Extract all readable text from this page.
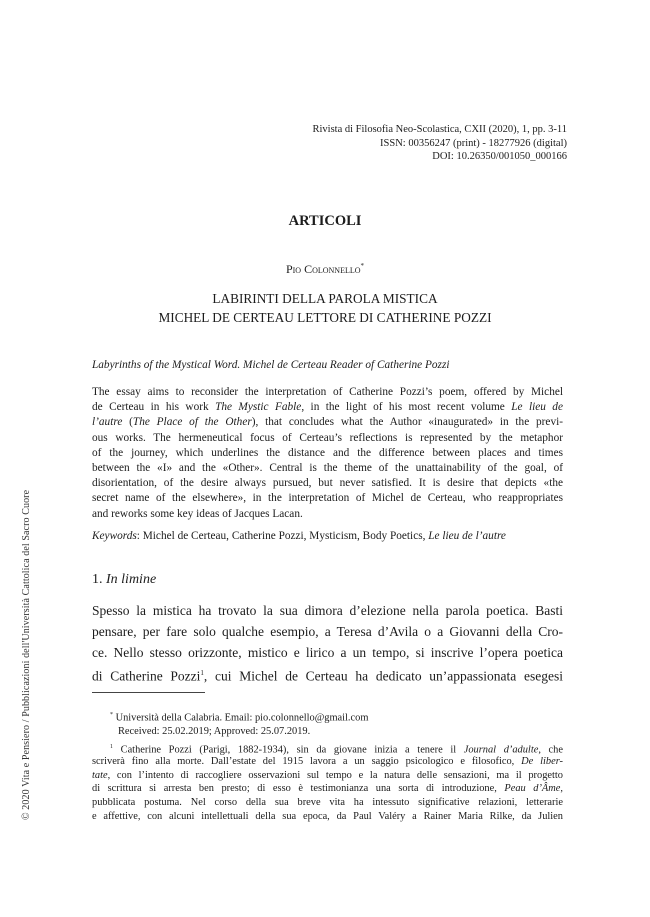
© 2020 Vita e Pensiero / Pubblicazioni dell'Università Cattolica del Sacro Cuore
Rivista di Filosofia Neo-Scolastica, CXII (2020), 1, pp. 3-11
ISSN: 00356247 (print) - 18277926 (digital)
DOI: 10.26350/001050_000166
ARTICOLI
Pio Colonnello*
LABIRINTI DELLA PAROLA MISTICA
MICHEL DE CERTEAU LETTORE DI CATHERINE POZZI
Labyrinths of the Mystical Word. Michel de Certeau Reader of Catherine Pozzi
The essay aims to reconsider the interpretation of Catherine Pozzi’s poem, offered by Michel
de Certeau in his work The Mystic Fable, in the light of his most recent volume Le lieu de
l’autre (The Place of the Other), that concludes what the Author «inaugurated» in the previ-
ous works. The hermeneutical focus of Certeau’s reflections is represented by the metaphor
of the journey, which underlines the distance and the difference between places and times
between the «I» and the «Other». Central is the theme of the unattainability of the goal, of
disorientation, of the desire always pursued, but never satisfied. It is desire that depicts «the
secret name of the elsewhere», in the interpretation of Michel de Certeau, who reappropriates
and reworks some key ideas of Jacques Lacan.
Keywords: Michel de Certeau, Catherine Pozzi, Mysticism, Body Poetics, Le lieu de l’autre
1. In limine
Spesso la mistica ha trovato la sua dimora d’elezione nella parola poetica. Basti
pensare, per fare solo qualche esempio, a Teresa d’Avila o a Giovanni della Cro-
ce. Nello stesso orizzonte, mistico e lirico a un tempo, si inscrive l’opera poetica
di Catherine Pozzi$^1$, cui Michel de Certeau ha dedicato un’appassionata esegesi
* Università della Calabria. Email: pio.colonnello@gmail.com
Received: 25.02.2019; Approved: 25.07.2019.
$^1$ Catherine Pozzi (Parigi, 1882-1934), sin da giovane inizia a tenere il Journal d’adulte, che
scriverà fino alla morte. Dall’estate del 1915 lavora a un saggio psicologico e filosofico, De liber-
tate, con l’intento di raccogliere osservazioni sul tempo e la natura delle sensazioni, ma il progetto
di scrittura si arresta ben presto; di esso è testimonianza una sorta di introduzione, Peau d’Âme,
pubblicata postuma. Nel corso della sua breve vita ha intessuto significative relazioni, letterarie
e affettive, con alcuni intellettuali della sua epoca, da Paul Valéry a Rainer Maria Rilke, da Julien
